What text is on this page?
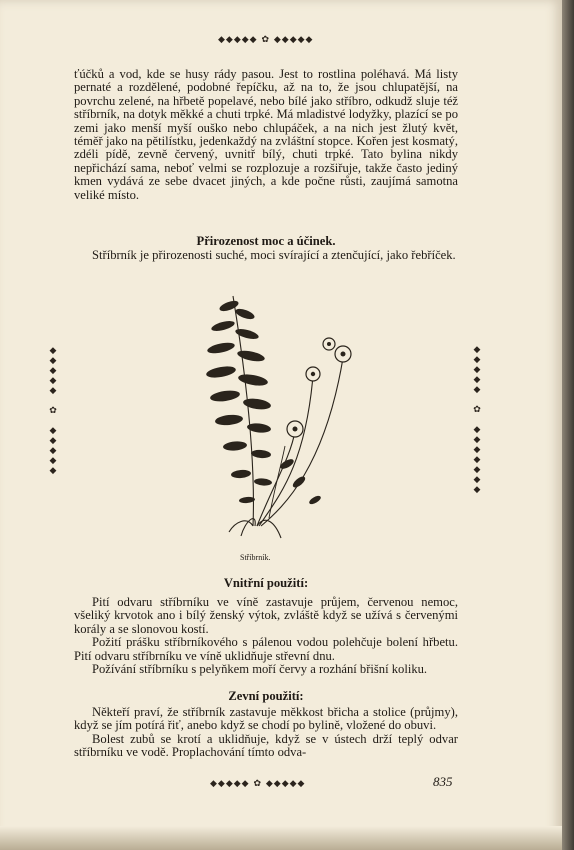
◆◆◆◆◆ ✿ ◆◆◆◆◆

ťúčků a vod, kde se husy rády pasou. Jest to rostlina poléhavá. Má listy pernaté a rozdělené, podobné řepíčku, až na to, že jsou chlupatější, na povrchu zelené, na hřbetě popelavé, nebo bílé jako stříbro, odkudž sluje též stříbrník, na dotyk měkké a chuti trpké. Má mladistvé lodyžky, plazící se po zemi jako menší myší ouško nebo chlupáček, a na nich jest žlutý květ, téměř jako na pětilístku, jedenkaždý na zvláštní stopce. Kořen jest kosmatý, zdéli pídě, zevně červený, uvnitř bílý, chuti trpké. Tato bylina nikdy nepřichází sama, neboť velmi se rozplozuje a rozšiřuje, takže často jediný kmen vydává ze sebe dvacet jiných, a kde počne růsti, zaujímá samotna veliké místo.

Přirozenost moc a účinek.

Stříbrník je přirozenosti suché, moci svírající a ztenčující, jako řebříček.

Stříbrník.
Vnitřní použití:

Pití odvaru stříbrníku ve víně zastavuje průjem, červenou nemoc, všeliký krvotok ano i bílý ženský výtok, zvláště když se užívá s červenými korály a se slonovou kostí.

Požití prášku stříbrníkového s pálenou vodou polehčuje bolení hřbetu. Pití odvaru stříbrníku ve víně uklidňuje střevní dnu.

Požívání stříbrníku s pelyňkem moří červy a rozhání břišní koliku.

Zevní použití:

Někteří praví, že stříbrník zastavuje měkkost břicha a stolice (průjmy), když se jím potírá řiť, anebo když se chodí po bylině, vložené do obuvi.

Bolest zubů se krotí a uklidňuje, když se v ústech drží teplý odvar stříbrníku ve vodě. Proplachování tímto odva-

◆◆◆◆◆ ✿ ◆◆◆◆◆	835
◆
◆
◆
◆
◆

✿

◆
◆
◆
◆
◆
◆
◆
◆
◆
◆

✿

◆
◆
◆
◆
◆
◆
◆
